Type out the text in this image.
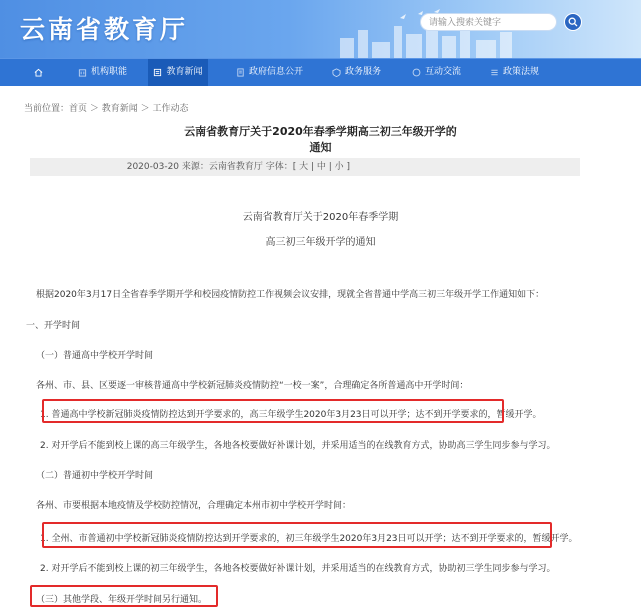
云南省教育厅	请输入搜索关键字
机构职能	教育新闻	政府信息公开	政务服务	互动交流	政策法规
当前位置：首页 ＞ 教育新闻 ＞ 工作动态
云南省教育厅关于2020年春季学期高三初三年级开学的
通知
2020-03-20 来源：云南省教育厅 字体：[ 大 | 中 | 小 ]
云南省教育厅关于2020年春季学期
高三初三年级开学的通知
根据2020年3月17日全省春季学期开学和校园疫情防控工作视频会议安排，现就全省普通中学高三初三年级开学工作通知如下：
一、开学时间
（一）普通高中学校开学时间
各州、市、县、区要逐一审核普通高中学校新冠肺炎疫情防控“一校一案”，合理确定各所普通高中开学时间：
1. 普通高中学校新冠肺炎疫情防控达到开学要求的，高三年级学生2020年3月23日可以开学；达不到开学要求的，暂缓开学。
2. 对开学后不能到校上课的高三年级学生，各地各校要做好补课计划，并采用适当的在线教育方式，协助高三学生同步参与学习。
（二）普通初中学校开学时间
各州、市要根据本地疫情及学校防控情况，合理确定本州市初中学校开学时间：
1. 全州、市普通初中学校新冠肺炎疫情防控达到开学要求的，初三年级学生2020年3月23日可以开学；达不到开学要求的，暂缓开学。
2. 对开学后不能到校上课的初三年级学生，各地各校要做好补课计划，并采用适当的在线教育方式，协助初三学生同步参与学习。
（三）其他学段、年级开学时间另行通知。
